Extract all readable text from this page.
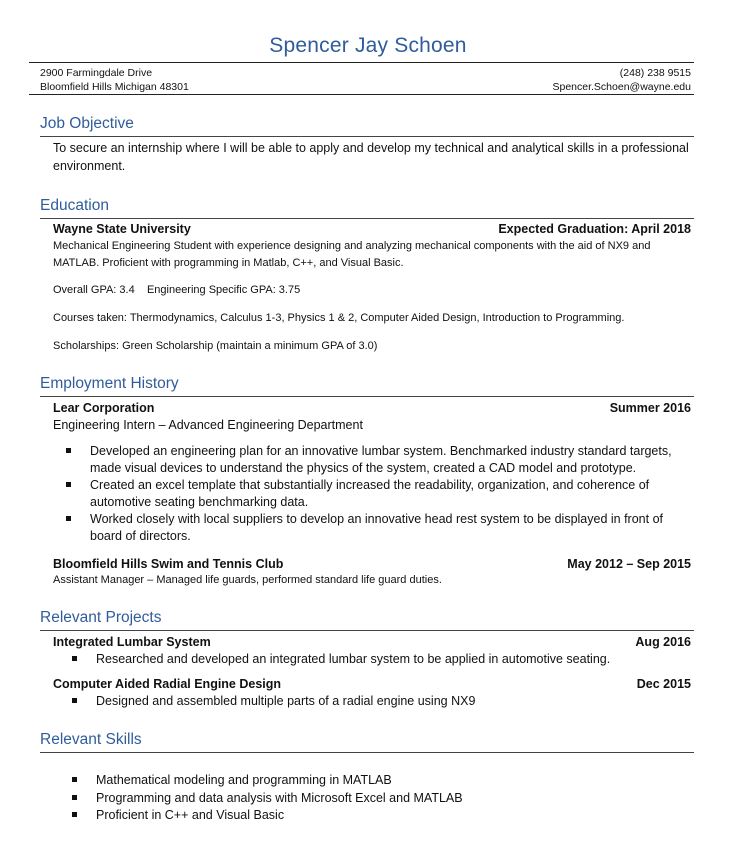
Spencer Jay Schoen
2900 Farmingdale Drive
Bloomfield Hills Michigan 48301
(248) 238 9515
Spencer.Schoen@wayne.edu
Job Objective
To secure an internship where I will be able to apply and develop my technical and analytical skills in a professional
environment.
Education
Wayne State University	Expected Graduation: April 2018
Mechanical Engineering Student with experience designing and analyzing mechanical components with the aid of NX9 and
MATLAB. Proficient with programming in Matlab, C++, and Visual Basic.
Overall GPA: 3.4    Engineering Specific GPA: 3.75
Courses taken: Thermodynamics, Calculus 1-3, Physics 1 & 2, Computer Aided Design, Introduction to Programming.
Scholarships: Green Scholarship (maintain a minimum GPA of 3.0)
Employment History
Lear Corporation	Summer 2016
Engineering Intern – Advanced Engineering Department
Developed an engineering plan for an innovative lumbar system. Benchmarked industry standard targets,
made visual devices to understand the physics of the system, created a CAD model and prototype.
Created an excel template that substantially increased the readability, organization, and coherence of
automotive seating benchmarking data.
Worked closely with local suppliers to develop an innovative head rest system to be displayed in front of
board of directors.
Bloomfield Hills Swim and Tennis Club	May 2012 – Sep 2015
Assistant Manager – Managed life guards, performed standard life guard duties.
Relevant Projects
Integrated Lumbar System	Aug 2016
Researched and developed an integrated lumbar system to be applied in automotive seating.
Computer Aided Radial Engine Design	Dec 2015
Designed and assembled multiple parts of a radial engine using NX9
Relevant Skills
Mathematical modeling and programming in MATLAB
Programming and data analysis with Microsoft Excel and MATLAB
Proficient in C++ and Visual Basic
